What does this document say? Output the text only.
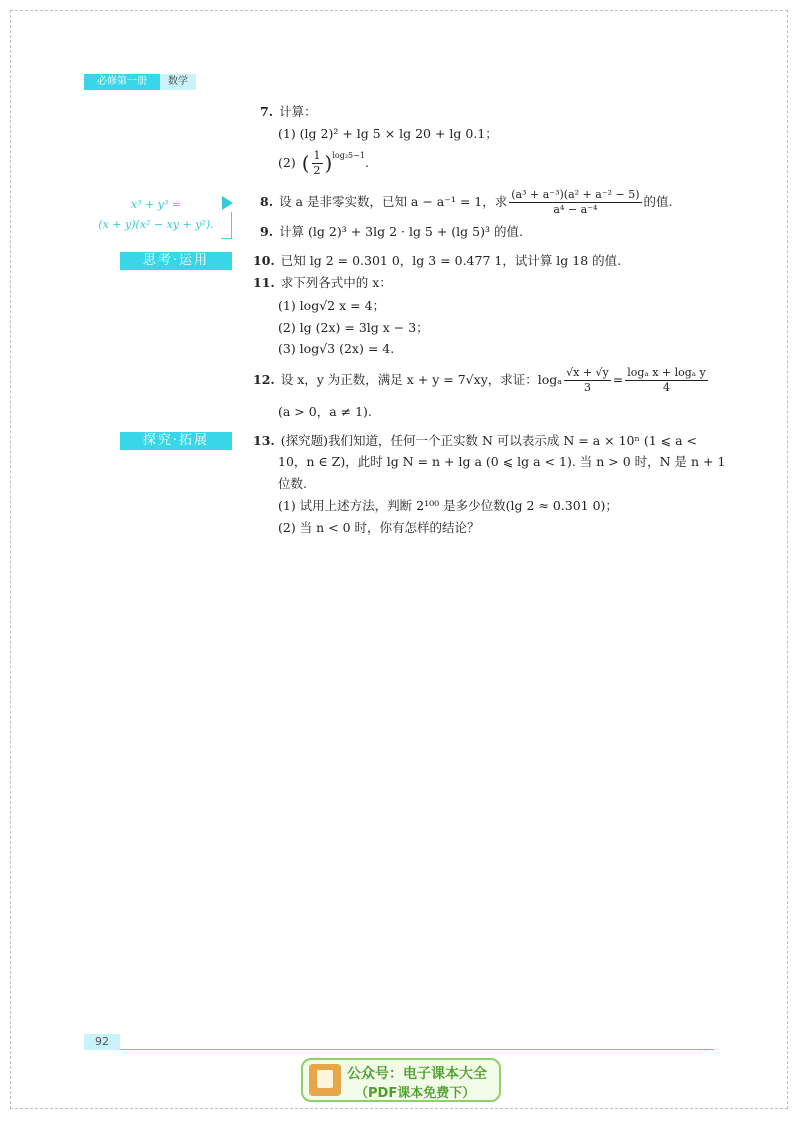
必修第一册	数学
7. 计算：
(1) (lg 2)² + lg 5 × lg 20 + lg 0.1；
(2) ( $\frac{1}{2}$ ) log₂5−1 .
x³ + y³ =
(x + y)(x² − xy + y²).
8. 设 a 是非零实数，已知 a − a⁻¹ = 1，求 $\frac{\text{(a³ + a⁻³)(a² + a⁻² − 5)}}{\text{a⁴ − a⁻⁴}}$ 的值.
9. 计算 (lg 2)³ + 3lg 2 · lg 5 + (lg 5)³ 的值.
思考·运用	10. 已知 lg 2 = 0.301 0，lg 3 = 0.477 1，试计算 lg 18 的值.
11. 求下列各式中的 x：
(1) log√2 x = 4；
(2) lg (2x) = 3lg x − 3；
(3) log√3 (2x) = 4.
12. 设 x，y 为正数，满足 x + y = 7√xy，求证：logₐ $\frac{√x + √y}{3} = \frac{\text{logₐ x + logₐ y}}{4}$
(a > 0，a ≠ 1).
探究·拓展	13. (探究题)我们知道，任何一个正实数 N 可以表示成 N = a × 10ⁿ (1 ⩽ a <
10，n ∈ Z)，此时 lg N = n + lg a (0 ⩽ lg a < 1). 当 n > 0 时，N 是 n + 1
位数.
(1) 试用上述方法，判断 2¹⁰⁰ 是多少位数(lg 2 ≈ 0.301 0)；
(2) 当 n < 0 时，你有怎样的结论？
92
公众号：电子课本大全
（PDF课本免费下）
